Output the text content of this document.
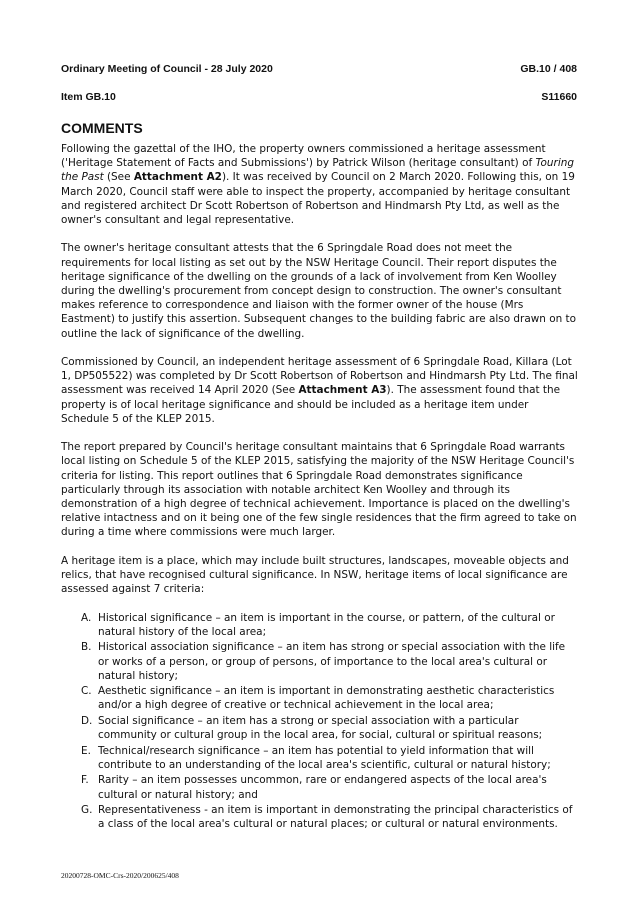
Ordinary Meeting of Council - 28 July 2020	GB.10 / 408
Item GB.10	S11660
COMMENTS

Following the gazettal of the IHO, the property owners commissioned a heritage assessment ('Heritage Statement of Facts and Submissions') by Patrick Wilson (heritage consultant) of Touring the Past (See Attachment A2). It was received by Council on 2 March 2020. Following this, on 19 March 2020, Council staff were able to inspect the property, accompanied by heritage consultant and registered architect Dr Scott Robertson of Robertson and Hindmarsh Pty Ltd, as well as the owner's consultant and legal representative.

The owner's heritage consultant attests that the 6 Springdale Road does not meet the requirements for local listing as set out by the NSW Heritage Council. Their report disputes the heritage significance of the dwelling on the grounds of a lack of involvement from Ken Woolley during the dwelling's procurement from concept design to construction. The owner's consultant makes reference to correspondence and liaison with the former owner of the house (Mrs Eastment) to justify this assertion. Subsequent changes to the building fabric are also drawn on to outline the lack of significance of the dwelling.

Commissioned by Council, an independent heritage assessment of 6 Springdale Road, Killara (Lot 1, DP505522) was completed by Dr Scott Robertson of Robertson and Hindmarsh Pty Ltd. The final assessment was received 14 April 2020 (See Attachment A3). The assessment found that the property is of local heritage significance and should be included as a heritage item under Schedule 5 of the KLEP 2015.

The report prepared by Council's heritage consultant maintains that 6 Springdale Road warrants local listing on Schedule 5 of the KLEP 2015, satisfying the majority of the NSW Heritage Council's criteria for listing. This report outlines that 6 Springdale Road demonstrates significance particularly through its association with notable architect Ken Woolley and through its demonstration of a high degree of technical achievement. Importance is placed on the dwelling's relative intactness and on it being one of the few single residences that the firm agreed to take on during a time where commissions were much larger.

A heritage item is a place, which may include built structures, landscapes, moveable objects and relics, that have recognised cultural significance. In NSW, heritage items of local significance are assessed against 7 criteria:

A. Historical significance – an item is important in the course, or pattern, of the cultural or natural history of the local area;
B. Historical association significance – an item has strong or special association with the life or works of a person, or group of persons, of importance to the local area's cultural or natural history;
C. Aesthetic significance – an item is important in demonstrating aesthetic characteristics and/or a high degree of creative or technical achievement in the local area;
D. Social significance – an item has a strong or special association with a particular community or cultural group in the local area, for social, cultural or spiritual reasons;
E. Technical/research significance – an item has potential to yield information that will contribute to an understanding of the local area's scientific, cultural or natural history;
F. Rarity – an item possesses uncommon, rare or endangered aspects of the local area's cultural or natural history; and
G. Representativeness - an item is important in demonstrating the principal characteristics of a class of the local area's cultural or natural places; or cultural or natural environments.
20200728-OMC-Crs-2020/200625/408
